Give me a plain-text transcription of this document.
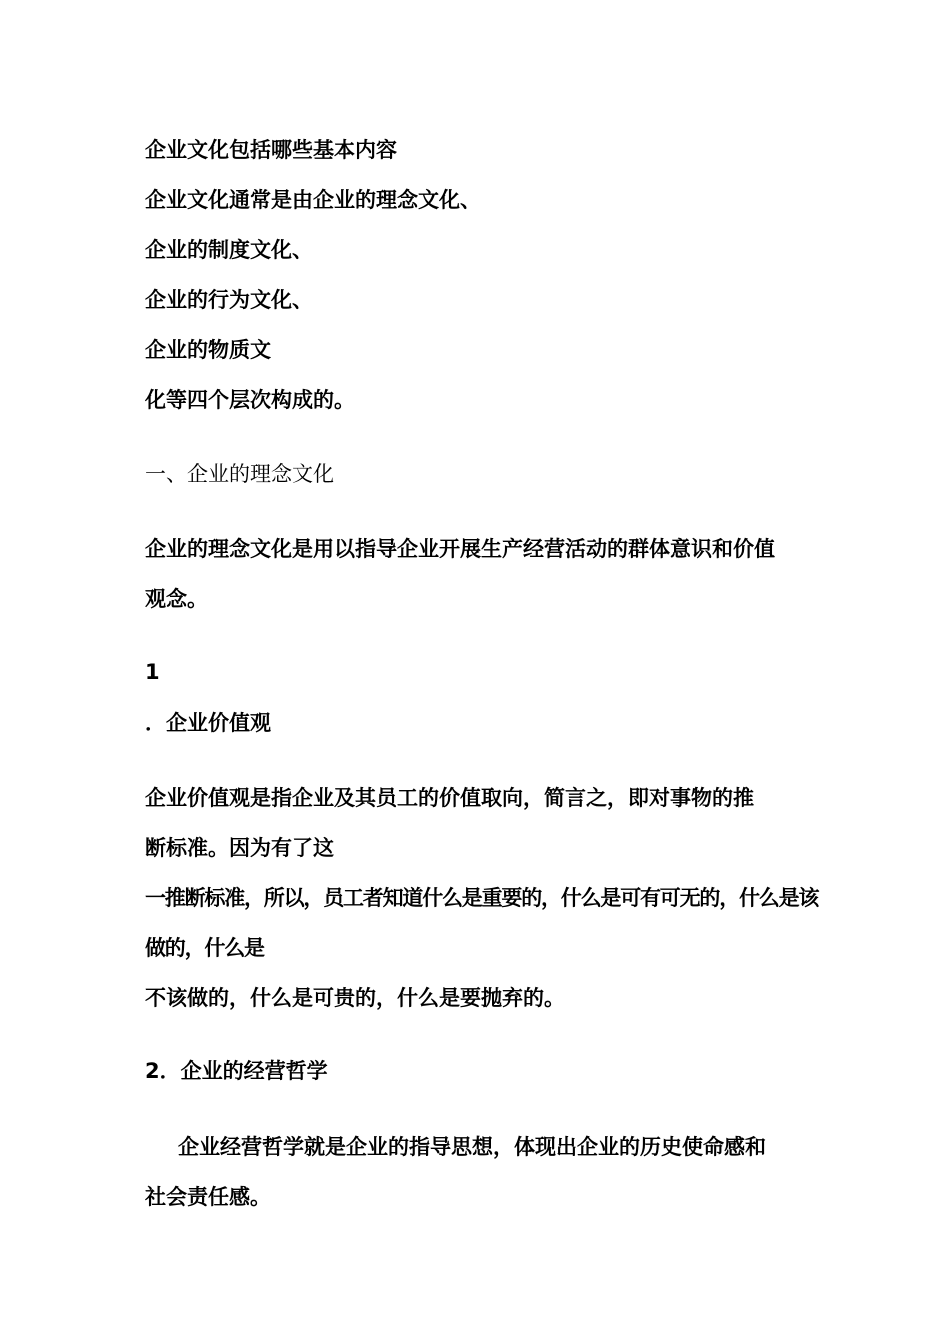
企业文化包括哪些基本内容
企业文化通常是由企业的理念文化、
企业的制度文化、
企业的行为文化、
企业的物质文
化等四个层次构成的。
一、企业的理念文化
企业的理念文化是用以指导企业开展生产经营活动的群体意识和价值
观念。
1
．企业价值观
企业价值观是指企业及其员工的价值取向，简言之，即对事物的推
断标准。因为有了这
一推断标准，所以，员工者知道什么是重要的，什么是可有可无的，什么是该
做的，什么是
不该做的，什么是可贵的，什么是要抛弃的。
2．企业的经营哲学
企业经营哲学就是企业的指导思想，体现出企业的历史使命感和
社会责任感。
